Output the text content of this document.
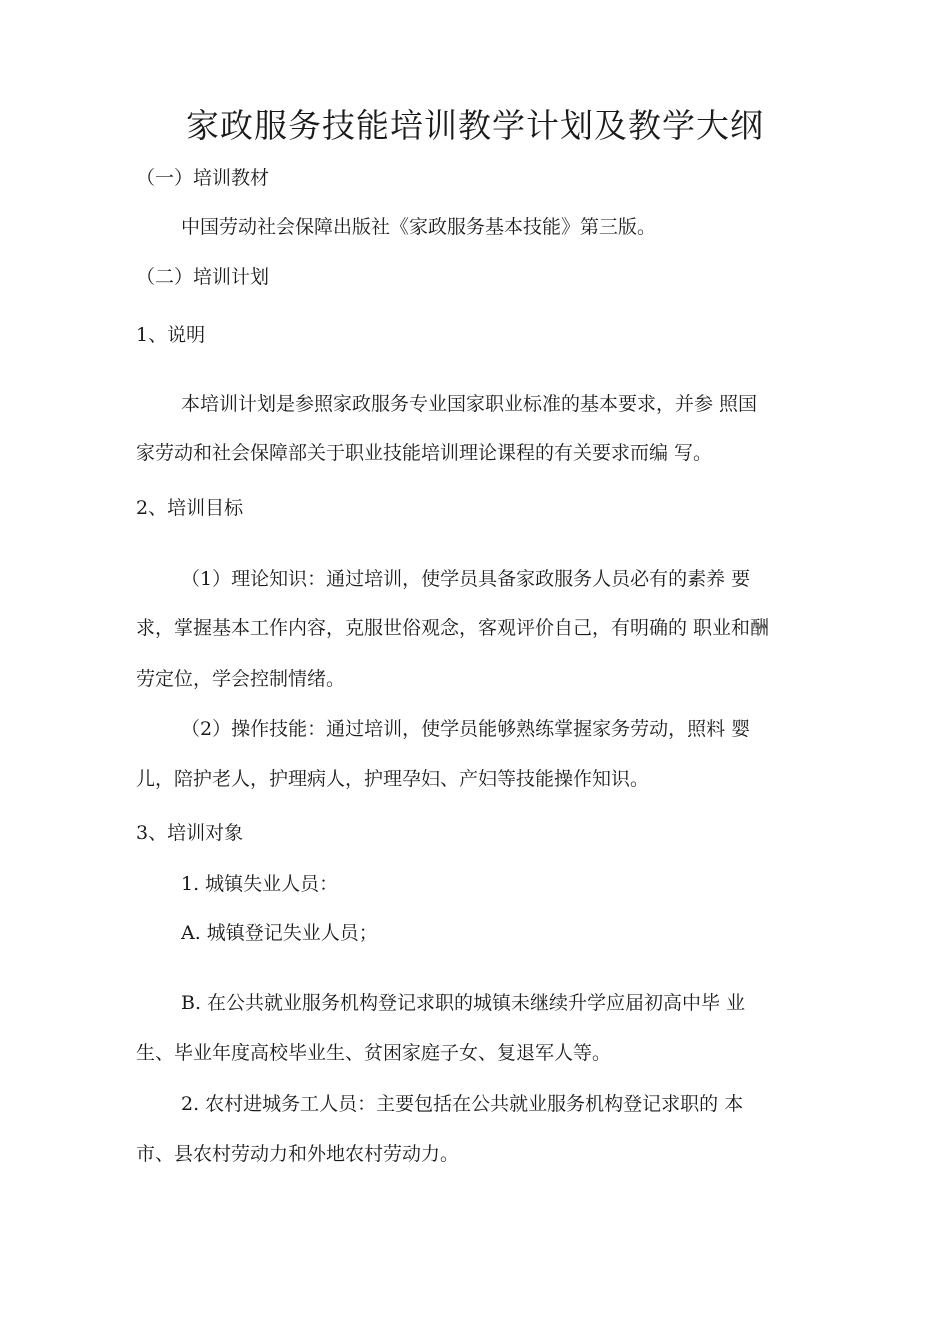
家政服务技能培训教学计划及教学大纲
（一）培训教材
中国劳动社会保障出版社《家政服务基本技能》第三版。
（二）培训计划
1、说明
本培训计划是参照家政服务专业国家职业标准的基本要求，并参 照国
家劳动和社会保障部关于职业技能培训理论课程的有关要求而编 写。
2、培训目标
（1）理论知识：通过培训，使学员具备家政服务人员必有的素养 要
求，掌握基本工作内容，克服世俗观念，客观评价自己，有明确的 职业和酬
劳定位，学会控制情绪。
（2）操作技能：通过培训，使学员能够熟练掌握家务劳动，照料 婴
儿，陪护老人，护理病人，护理孕妇、产妇等技能操作知识。
3、培训对象
1. 城镇失业人员：
A. 城镇登记失业人员；
B. 在公共就业服务机构登记求职的城镇未继续升学应届初高中毕 业
生、毕业年度高校毕业生、贫困家庭子女、复退军人等。
2. 农村进城务工人员：主要包括在公共就业服务机构登记求职的 本
市、县农村劳动力和外地农村劳动力。
